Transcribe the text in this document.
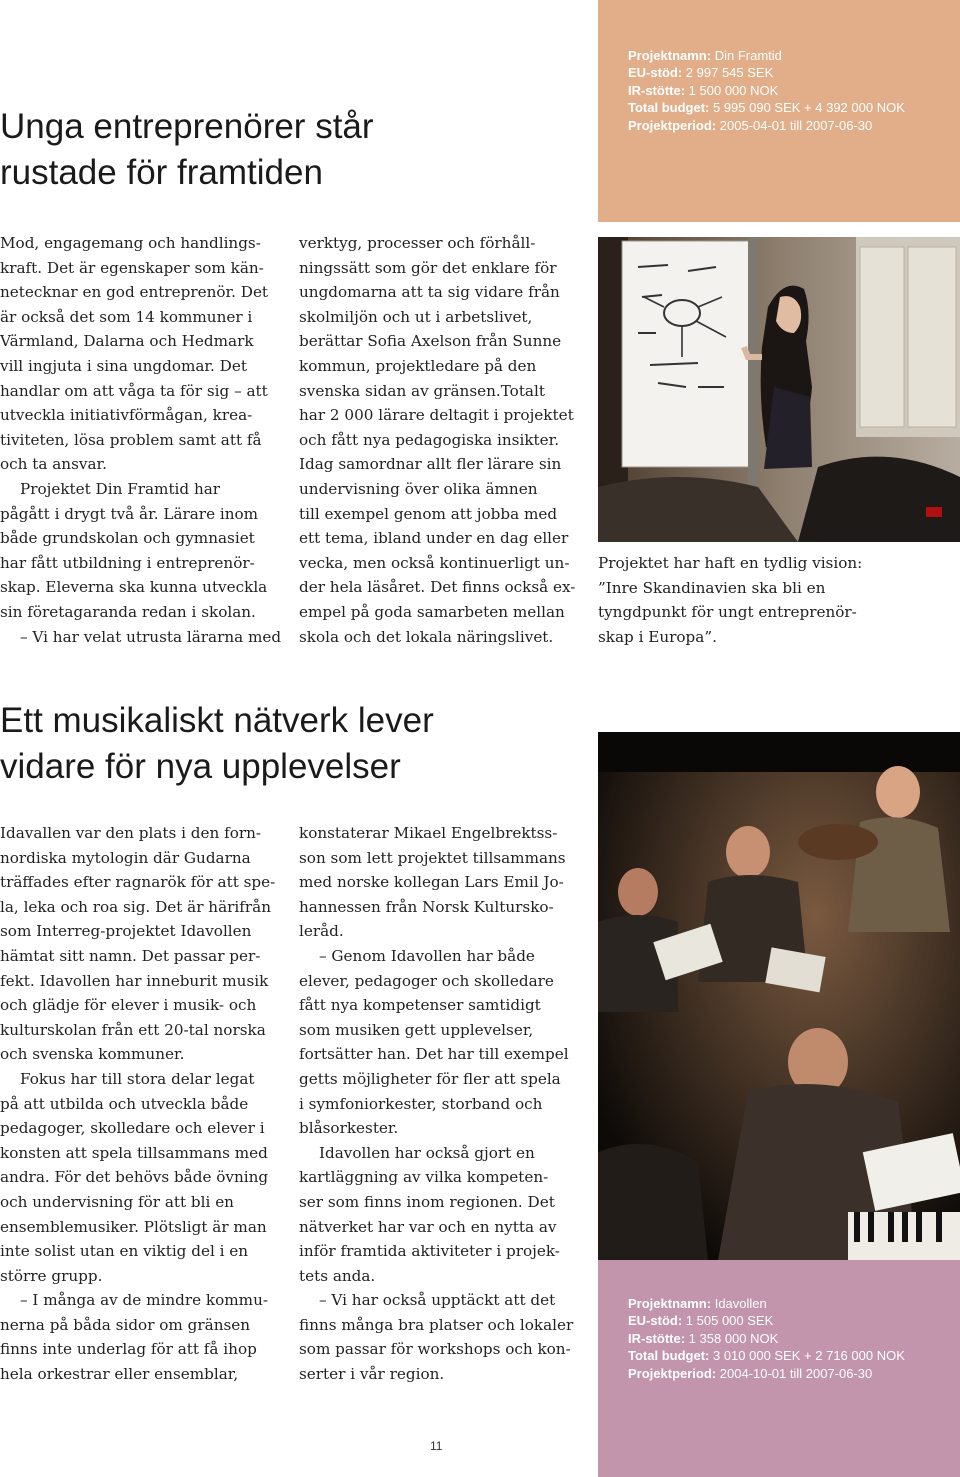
Unga entreprenörer står
rustade för framtiden
Projektnamn: Din Framtid
EU-stöd: 2 997 545 SEK
IR-stötte: 1 500 000 NOK
Total budget: 5 995 090 SEK + 4 392 000 NOK
Projektperiod: 2005-04-01 till 2007-06-30
Mod, engagemang och handlings-
kraft. Det är egenskaper som kän-
netecknar en god entreprenör. Det
är också det som 14 kommuner i
Värmland, Dalarna och Hedmark
vill ingjuta i sina ungdomar. Det
handlar om att våga ta för sig – att
utveckla initiativförmågan, krea-
tiviteten, lösa problem samt att få
och ta ansvar.
Projektet Din Framtid har
pågått i drygt två år. Lärare inom
både grundskolan och gymnasiet
har fått utbildning i entreprenör-
skap. Eleverna ska kunna utveckla
sin företagaranda redan i skolan.
– Vi har velat utrusta lärarna med
verktyg, processer och förhåll-
ningssätt som gör det enklare för
ungdomarna att ta sig vidare från
skolmiljön och ut i arbetslivet,
berättar Sofia Axelson från Sunne
kommun, projektledare på den
svenska sidan av gränsen.Totalt
har 2 000 lärare deltagit i projektet
och fått nya pedagogiska insikter.
Idag samordnar allt fler lärare sin
undervisning över olika ämnen
till exempel genom att jobba med
ett tema, ibland under en dag eller
vecka, men också kontinuerligt un-
der hela läsåret. Det finns också ex-
empel på goda samarbeten mellan
skola och det lokala näringslivet.
Projektet har haft en tydlig vision:
”Inre Skandinavien ska bli en
tyngdpunkt för ungt entreprenör-
skap i Europa”.
Ett musikaliskt nätverk lever
vidare för nya upplevelser
Idavallen var den plats i den forn-
nordiska mytologin där Gudarna
träffades efter ragnarök för att spe-
la, leka och roa sig. Det är härifrån
som Interreg-projektet Idavollen
hämtat sitt namn. Det passar per-
fekt. Idavollen har inneburit musik
och glädje för elever i musik- och
kulturskolan från ett 20-tal norska
och svenska kommuner.
Fokus har till stora delar legat
på att utbilda och utveckla både
pedagoger, skolledare och elever i
konsten att spela tillsammans med
andra. För det behövs både övning
och undervisning för att bli en
ensemblemusiker. Plötsligt är man
inte solist utan en viktig del i en
större grupp.
– I många av de mindre kommu-
nerna på båda sidor om gränsen
finns inte underlag för att få ihop
hela orkestrar eller ensemblar,
konstaterar Mikael Engelbrektss-
son som lett projektet tillsammans
med norske kollegan Lars Emil Jo-
hannessen från Norsk Kultursko-
leråd.
– Genom Idavollen har både
elever, pedagoger och skolledare
fått nya kompetenser samtidigt
som musiken gett upplevelser,
fortsätter han. Det har till exempel
getts möjligheter för fler att spela
i symfoniorkester, storband och
blåsorkester.
Idavollen har också gjort en
kartläggning av vilka kompeten-
ser som finns inom regionen. Det
nätverket har var och en nytta av
inför framtida aktiviteter i projek-
tets anda.
– Vi har också upptäckt att det
finns många bra platser och lokaler
som passar för workshops och kon-
serter i vår region.
Projektnamn: Idavollen
EU-stöd: 1 505 000 SEK
IR-stötte: 1 358 000 NOK
Total budget: 3 010 000 SEK + 2 716 000 NOK
Projektperiod: 2004-10-01 till 2007-06-30
11
